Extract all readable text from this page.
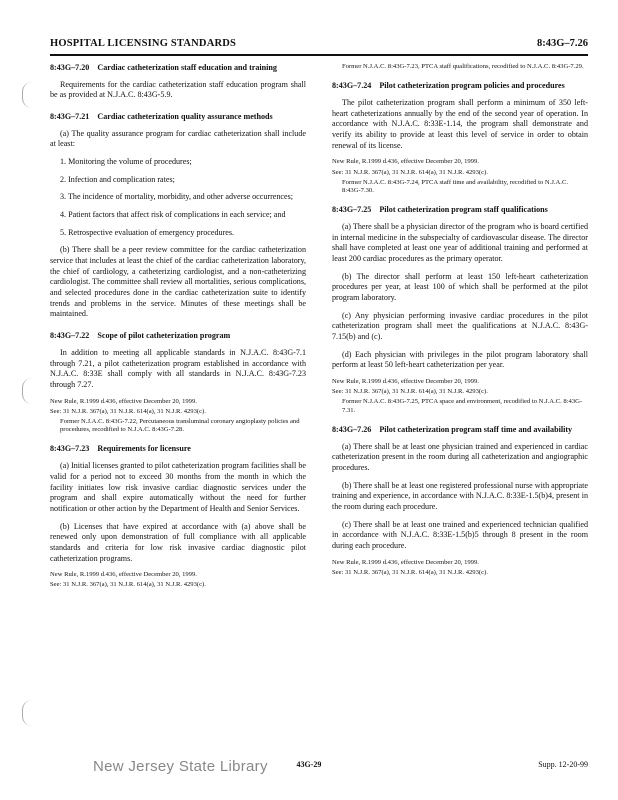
HOSPITAL LICENSING STANDARDS	8:43G–7.26
8:43G–7.20 Cardiac catheterization staff education and training

Requirements for the cardiac catheterization staff education program shall be as provided at N.J.A.C. 8:43G-5.9.

8:43G–7.21 Cardiac catheterization quality assurance methods

(a) The quality assurance program for cardiac catheterization shall include at least:

1. Monitoring the volume of procedures;

2. Infection and complication rates;

3. The incidence of mortality, morbidity, and other adverse occurrences;

4. Patient factors that affect risk of complications in each service; and

5. Retrospective evaluation of emergency procedures.

(b) There shall be a peer review committee for the cardiac catheterization service that includes at least the chief of the cardiac catheterization laboratory, the chief of cardiology, a catheterizing cardiologist, and a non-catheterizing cardiologist. The committee shall review all mortalities, serious complications, and selected procedures done in the cardiac catheterization suite to identify trends and problems in the service. Minutes of these meetings shall be maintained.

8:43G–7.22 Scope of pilot catheterization program

In addition to meeting all applicable standards in N.J.A.C. 8:43G-7.1 through 7.21, a pilot catheterization program established in accordance with N.J.A.C. 8:33E shall comply with all standards in N.J.A.C. 8:43G-7.23 through 7.27.

New Rule, R.1999 d.436, effective December 20, 1999.

See: 31 N.J.R. 367(a), 31 N.J.R. 614(a), 31 N.J.R. 4293(c).

Former N.J.A.C. 8:43G-7.22, Percutaneous transluminal coronary angioplasty policies and procedures, recodified to N.J.A.C. 8:43G-7.28.

8:43G–7.23 Requirements for licensure

(a) Initial licenses granted to pilot catheterization program facilities shall be valid for a period not to exceed 30 months from the month in which the facility initiates low risk invasive cardiac diagnostic services under the program and shall expire automatically without the need for further notification or other action by the Department of Health and Senior Services.

(b) Licenses that have expired at accordance with (a) above shall be renewed only upon demonstration of full compliance with all applicable standards and criteria for low risk invasive cardiac diagnostic pilot catheterization programs.

New Rule, R.1999 d.436, effective December 20, 1999.

See: 31 N.J.R. 367(a), 31 N.J.R. 614(a), 31 N.J.R. 4293(c).

Former N.J.A.C. 8:43G-7.23, PTCA staff qualifications, recodified to N.J.A.C. 8:43G-7.29.

8:43G–7.24 Pilot catheterization program policies and procedures

The pilot catheterization program shall perform a minimum of 350 left-heart catheterizations annually by the end of the second year of operation. In accordance with N.J.A.C. 8:33E-1.14, the program shall demonstrate and verify its ability to provide at least this level of service in order to obtain renewal of its license.

New Rule, R.1999 d.436, effective December 20, 1999.

See: 31 N.J.R. 367(a), 31 N.J.R. 614(a), 31 N.J.R. 4293(c).

Former N.J.A.C. 8:43G-7.24, PTCA staff time and availability, recodified to N.J.A.C. 8:43G-7.30.

8:43G–7.25 Pilot catheterization program staff qualifications

(a) There shall be a physician director of the program who is board certified in internal medicine in the subspecialty of cardiovascular disease. The director shall have completed at least one year of additional training and performed at least 200 cardiac procedures as the primary operator.

(b) The director shall perform at least 150 left-heart catheterization procedures per year, at least 100 of which shall be performed at the pilot program laboratory.

(c) Any physician performing invasive cardiac procedures in the pilot catheterization program shall meet the qualifications at N.J.A.C. 8:43G-7.15(b) and (c).

(d) Each physician with privileges in the pilot program laboratory shall perform at least 50 left-heart catheterization per year.

New Rule, R.1999 d.436, effective December 20, 1999.

See: 31 N.J.R. 367(a), 31 N.J.R. 614(a), 31 N.J.R. 4293(c).

Former N.J.A.C. 8:43G-7.25, PTCA space and environment, recodified to N.J.A.C. 8:43G-7.31.

8:43G–7.26 Pilot catheterization program staff time and availability

(a) There shall be at least one physician trained and experienced in cardiac catheterization present in the room during all catheterization and angiographic procedures.

(b) There shall be at least one registered professional nurse with appropriate training and experience, in accordance with N.J.A.C. 8:33E-1.5(b)4, present in the room during each procedure.

(c) There shall be at least one trained and experienced technician qualified in accordance with N.J.A.C. 8:33E-1.5(b)5 through 8 present in the room during each procedure.

New Rule, R.1999 d.436, effective December 20, 1999.

See: 31 N.J.R. 367(a), 31 N.J.R. 614(a), 31 N.J.R. 4293(c).

New Jersey State Library	43G-29	Supp. 12-20-99
